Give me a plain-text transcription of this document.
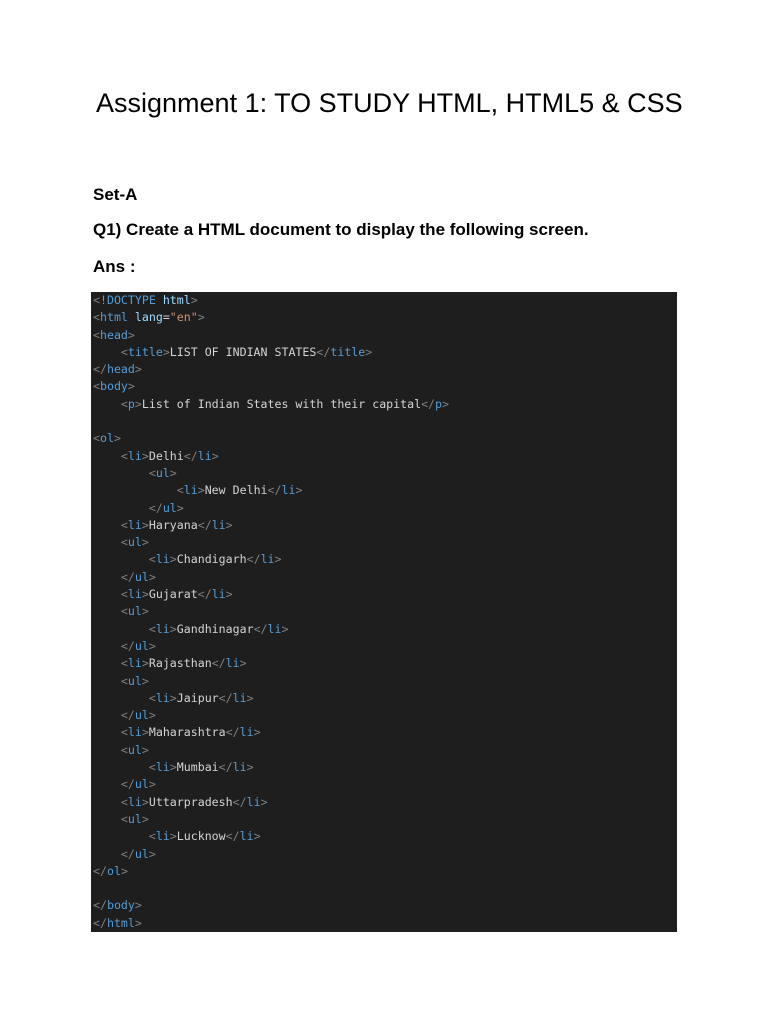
Assignment 1: TO STUDY HTML, HTML5 & CSS
Set-A
Q1) Create a HTML document to display the following screen.
Ans :
<!DOCTYPE html>
<html lang="en">
<head>
<title>LIST OF INDIAN STATES</title>
</head>
<body>
<p>List of Indian States with their capital</p>

<ol>
<li>Delhi</li>
<ul>
<li>New Delhi</li>
</ul>
<li>Haryana</li>
<ul>
<li>Chandigarh</li>
</ul>
<li>Gujarat</li>
<ul>
<li>Gandhinagar</li>
</ul>
<li>Rajasthan</li>
<ul>
<li>Jaipur</li>
</ul>
<li>Maharashtra</li>
<ul>
<li>Mumbai</li>
</ul>
<li>Uttarpradesh</li>
<ul>
<li>Lucknow</li>
</ul>
</ol>

</body>
</html>
